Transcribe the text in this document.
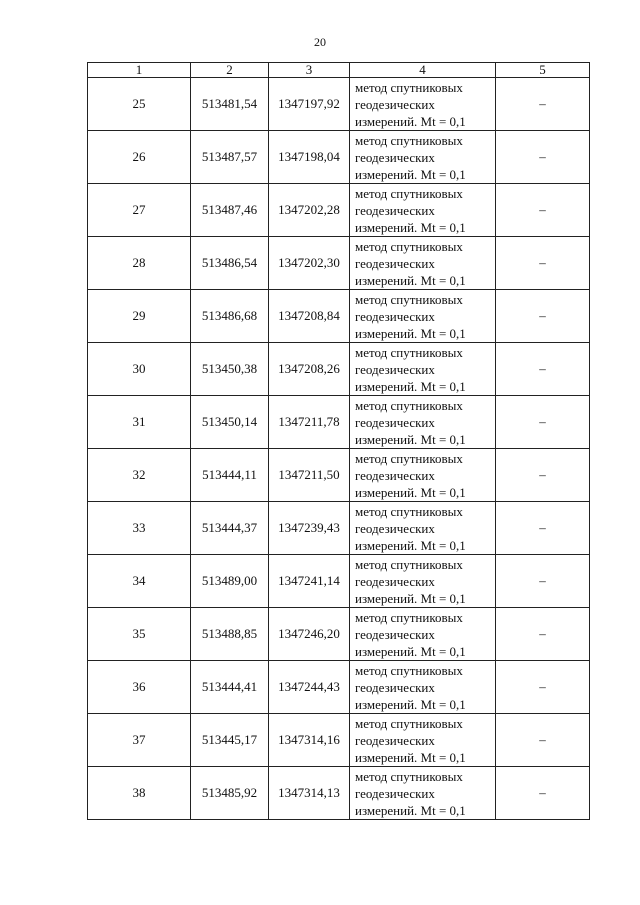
20
1	2	3	4	5
25	513481,54	1347197,92	метод спутниковых
геодезических
измерений. Mt = 0,1	–
26	513487,57	1347198,04	метод спутниковых
геодезических
измерений. Mt = 0,1	–
27	513487,46	1347202,28	метод спутниковых
геодезических
измерений. Mt = 0,1	–
28	513486,54	1347202,30	метод спутниковых
геодезических
измерений. Mt = 0,1	–
29	513486,68	1347208,84	метод спутниковых
геодезических
измерений. Mt = 0,1	–
30	513450,38	1347208,26	метод спутниковых
геодезических
измерений. Mt = 0,1	–
31	513450,14	1347211,78	метод спутниковых
геодезических
измерений. Mt = 0,1	–
32	513444,11	1347211,50	метод спутниковых
геодезических
измерений. Mt = 0,1	–
33	513444,37	1347239,43	метод спутниковых
геодезических
измерений. Mt = 0,1	–
34	513489,00	1347241,14	метод спутниковых
геодезических
измерений. Mt = 0,1	–
35	513488,85	1347246,20	метод спутниковых
геодезических
измерений. Mt = 0,1	–
36	513444,41	1347244,43	метод спутниковых
геодезических
измерений. Mt = 0,1	–
37	513445,17	1347314,16	метод спутниковых
геодезических
измерений. Mt = 0,1	–
38	513485,92	1347314,13	метод спутниковых
геодезических
измерений. Mt = 0,1	–
